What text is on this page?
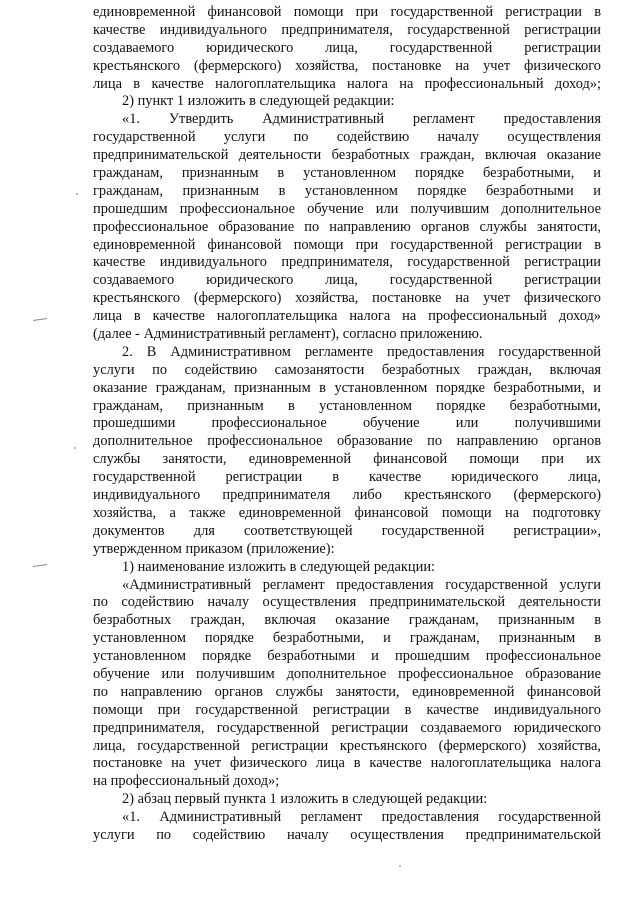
единовременной финансовой помощи при государственной регистрации в
качестве индивидуального предпринимателя, государственной регистрации
создаваемого юридического лица, государственной регистрации
крестьянского (фермерского) хозяйства, постановке на учет физического
лица в качестве налогоплательщика налога на профессиональный доход»;
2) пункт 1 изложить в следующей редакции:
«1. Утвердить Административный регламент предоставления
государственной услуги по содействию началу осуществления
предпринимательской деятельности безработных граждан, включая оказание
гражданам, признанным в установленном порядке безработными, и
гражданам, признанным в установленном порядке безработными и
прошедшим профессиональное обучение или получившим дополнительное
профессиональное образование по направлению органов службы занятости,
единовременной финансовой помощи при государственной регистрации в
качестве индивидуального предпринимателя, государственной регистрации
создаваемого юридического лица, государственной регистрации
крестьянского (фермерского) хозяйства, постановке на учет физического
лица в качестве налогоплательщика налога на профессиональный доход»
(далее - Административный регламент), согласно приложению.
2. В Административном регламенте предоставления государственной
услуги по содействию самозанятости безработных граждан, включая
оказание гражданам, признанным в установленном порядке безработными, и
гражданам, признанным в установленном порядке безработными,
прошедшими профессиональное обучение или получившими
дополнительное профессиональное образование по направлению органов
службы занятости, единовременной финансовой помощи при их
государственной регистрации в качестве юридического лица,
индивидуального предпринимателя либо крестьянского (фермерского)
хозяйства, а также единовременной финансовой помощи на подготовку
документов для соответствующей государственной регистрации»,
утвержденном приказом (приложение):
1) наименование изложить в следующей редакции:
«Административный регламент предоставления государственной услуги
по содействию началу осуществления предпринимательской деятельности
безработных граждан, включая оказание гражданам, признанным в
установленном порядке безработными, и гражданам, признанным в
установленном порядке безработными и прошедшим профессиональное
обучение или получившим дополнительное профессиональное образование
по направлению органов службы занятости, единовременной финансовой
помощи при государственной регистрации в качестве индивидуального
предпринимателя, государственной регистрации создаваемого юридического
лица, государственной регистрации крестьянского (фермерского) хозяйства,
постановке на учет физического лица в качестве налогоплательщика налога
на профессиональный доход»;
2) абзац первый пункта 1 изложить в следующей редакции:
«1. Административный регламент предоставления государственной
услуги по содействию началу осуществления предпринимательской
